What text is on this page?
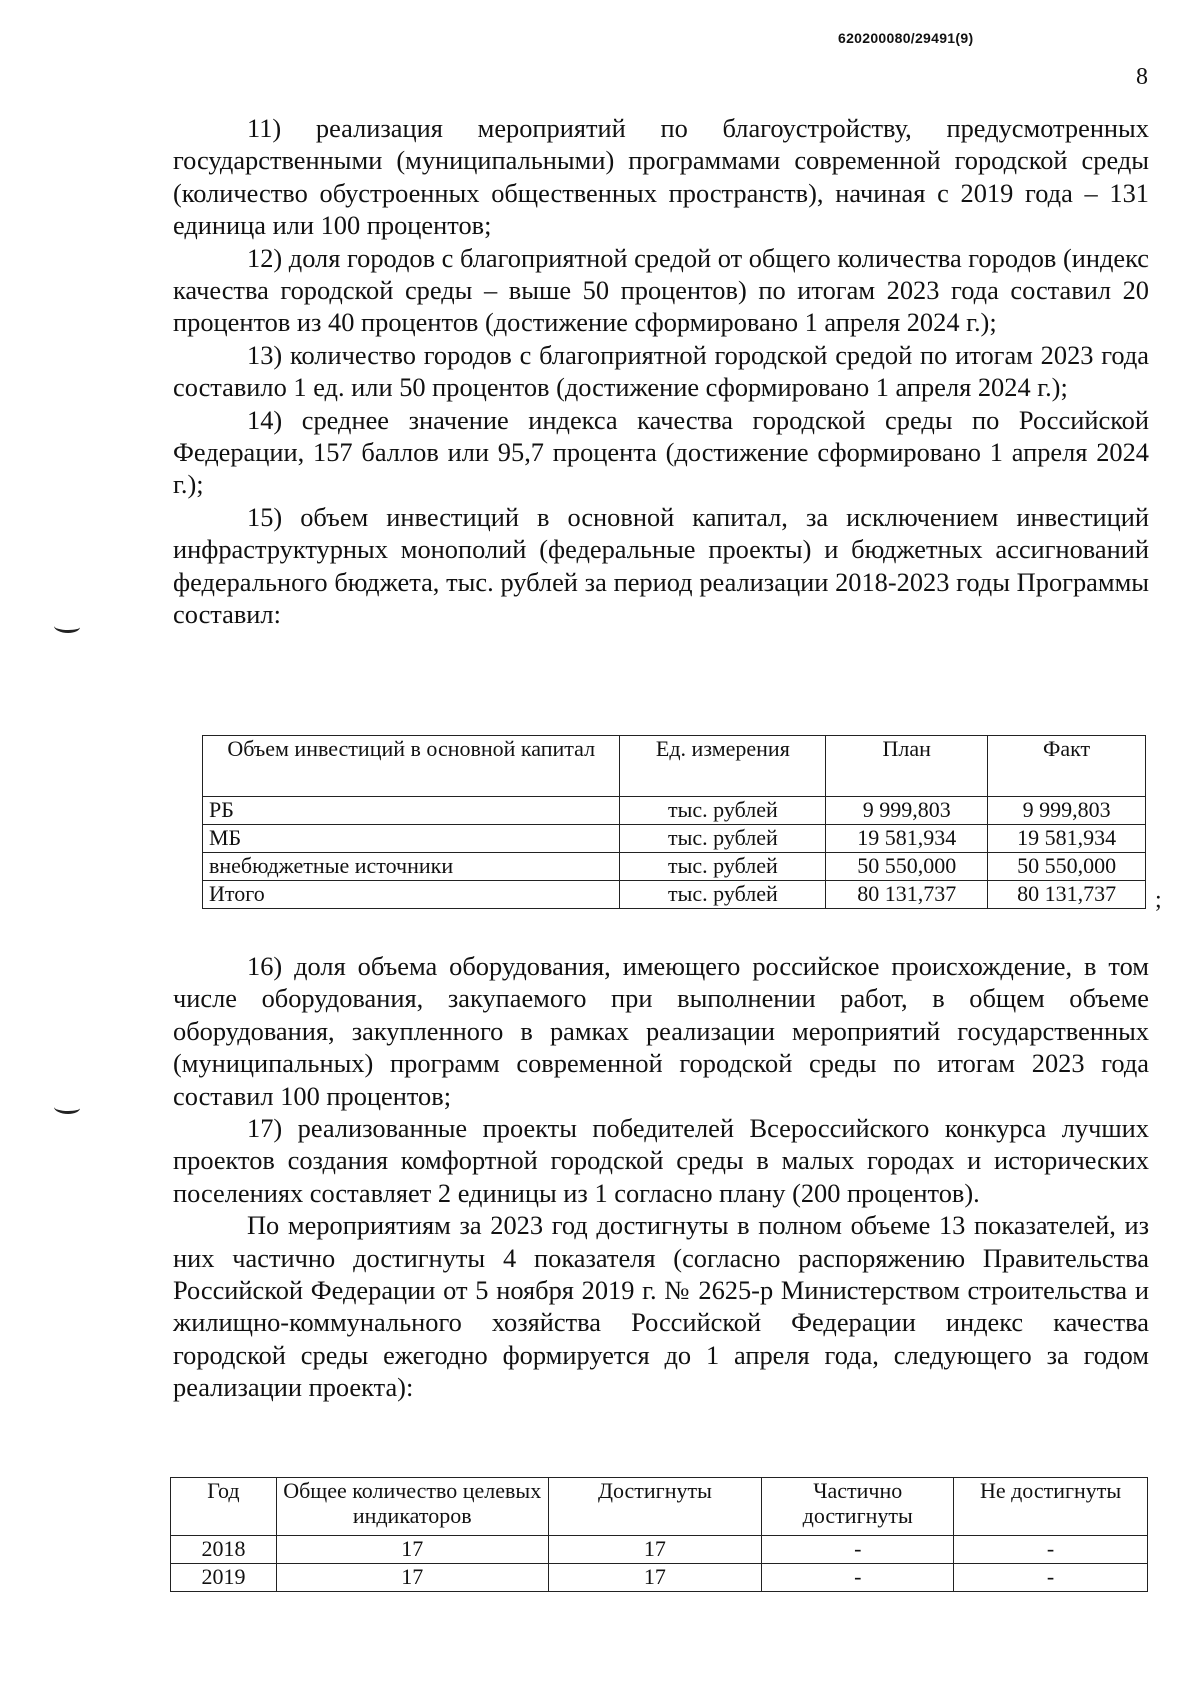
620200080/29491(9)
8

11) реализация мероприятий по благоустройству, предусмотренных государственными (муниципальными) программами современной городской среды (количество обустроенных общественных пространств), начиная с 2019 года – 131 единица или 100 процентов;

12) доля городов с благоприятной средой от общего количества городов (индекс качества городской среды – выше 50 процентов) по итогам 2023 года составил 20 процентов из 40 процентов (достижение сформировано 1 апреля 2024 г.);

13) количество городов с благоприятной городской средой по итогам 2023 года составило 1 ед. или 50 процентов (достижение сформировано 1 апреля 2024 г.);

14) среднее значение индекса качества городской среды по Российской Федерации, 157 баллов или 95,7 процента (достижение сформировано 1 апреля 2024 г.);

15) объем инвестиций в основной капитал, за исключением инвестиций инфраструктурных монополий (федеральные проекты) и бюджетных ассигнований федерального бюджета, тыс. рублей за период реализации 2018-2023 годы Программы составил:

Объем инвестиций в основной капитал	Ед. измерения	План	Факт
РБ	тыс. рублей	9 999,803	9 999,803
МБ	тыс. рублей	19 581,934	19 581,934
внебюджетные источники	тыс. рублей	50 550,000	50 550,000
Итого	тыс. рублей	80 131,737	80 131,737 ;

16) доля объема оборудования, имеющего российское происхождение, в том числе оборудования, закупаемого при выполнении работ, в общем объеме оборудования, закупленного в рамках реализации мероприятий государственных (муниципальных) программ современной городской среды по итогам 2023 года составил 100 процентов;

17) реализованные проекты победителей Всероссийского конкурса лучших проектов создания комфортной городской среды в малых городах и исторических поселениях составляет 2 единицы из 1 согласно плану (200 процентов).

По мероприятиям за 2023 год достигнуты в полном объеме 13 показателей, из них частично достигнуты 4 показателя (согласно распоряжению Правительства Российской Федерации от 5 ноября 2019 г. № 2625-р Министерством строительства и жилищно-коммунального хозяйства Российской Федерации индекс качества городской среды ежегодно формируется до 1 апреля года, следующего за годом реализации проекта):

Год	Общее количество целевых индикаторов	Достигнуты	Частично достигнуты	Не достигнуты
2018	17	17	-	-
2019	17	17	-	-
